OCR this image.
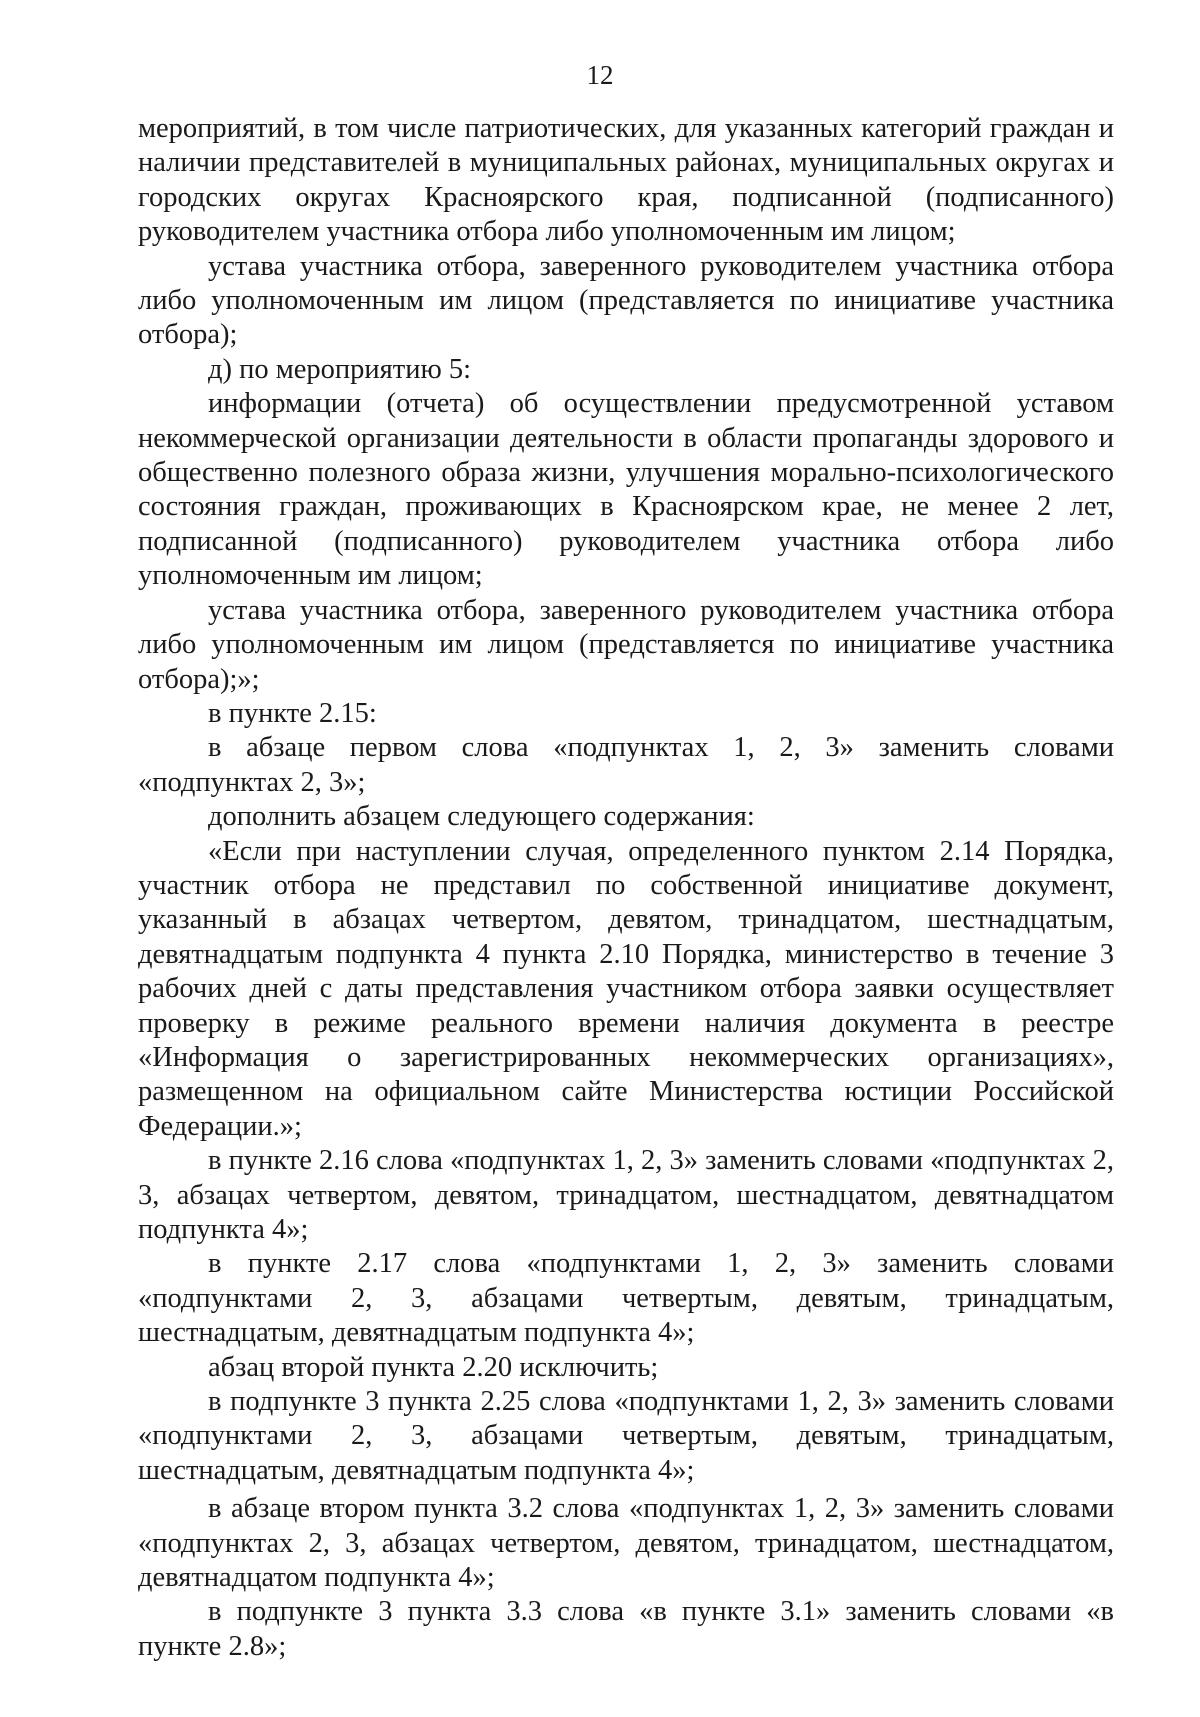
12

мероприятий, в том числе патриотических, для указанных категорий граждан и наличии представителей в муниципальных районах, муниципальных округах и городских округах Красноярского края, подписанной (подписанного) руководителем участника отбора либо уполномоченным им лицом;

устава участника отбора, заверенного руководителем участника отбора либо уполномоченным им лицом (представляется по инициативе участника отбора);

д) по мероприятию 5:

информации (отчета) об осуществлении предусмотренной уставом некоммерческой организации деятельности в области пропаганды здорового и общественно полезного образа жизни, улучшения морально-психологического состояния граждан, проживающих в Красноярском крае, не менее 2 лет, подписанной (подписанного) руководителем участника отбора либо уполномоченным им лицом;

устава участника отбора, заверенного руководителем участника отбора либо уполномоченным им лицом (представляется по инициативе участника отбора);»;

в пункте 2.15:

в абзаце первом слова «подпунктах 1, 2, 3» заменить словами «подпунктах 2, 3»;

дополнить абзацем следующего содержания:

«Если при наступлении случая, определенного пунктом 2.14 Порядка, участник отбора не представил по собственной инициативе документ, указанный в абзацах четвертом, девятом, тринадцатом, шестнадцатым, девятнадцатым подпункта 4 пункта 2.10 Порядка, министерство в течение 3 рабочих дней с даты представления участником отбора заявки осуществляет проверку в режиме реального времени наличия документа в реестре «Информация о зарегистрированных некоммерческих организациях», размещенном на официальном сайте Министерства юстиции Российской Федерации.»;

в пункте 2.16 слова «подпунктах 1, 2, 3» заменить словами «подпунктах 2, 3, абзацах четвертом, девятом, тринадцатом, шестнадцатом, девятнадцатом подпункта 4»;

в пункте 2.17 слова «подпунктами 1, 2, 3» заменить словами «подпунктами 2, 3, абзацами четвертым, девятым, тринадцатым, шестнадцатым, девятнадцатым подпункта 4»;

абзац второй пункта 2.20 исключить;

в подпункте 3 пункта 2.25 слова «подпунктами 1, 2, 3» заменить словами «подпунктами 2, 3, абзацами четвертым, девятым, тринадцатым, шестнадцатым, девятнадцатым подпункта 4»;

в абзаце втором пункта 3.2 слова «подпунктах 1, 2, 3» заменить словами «подпунктах 2, 3, абзацах четвертом, девятом, тринадцатом, шестнадцатом, девятнадцатом подпункта 4»;

в подпункте 3 пункта 3.3 слова «в пункте 3.1» заменить словами «в пункте 2.8»;
